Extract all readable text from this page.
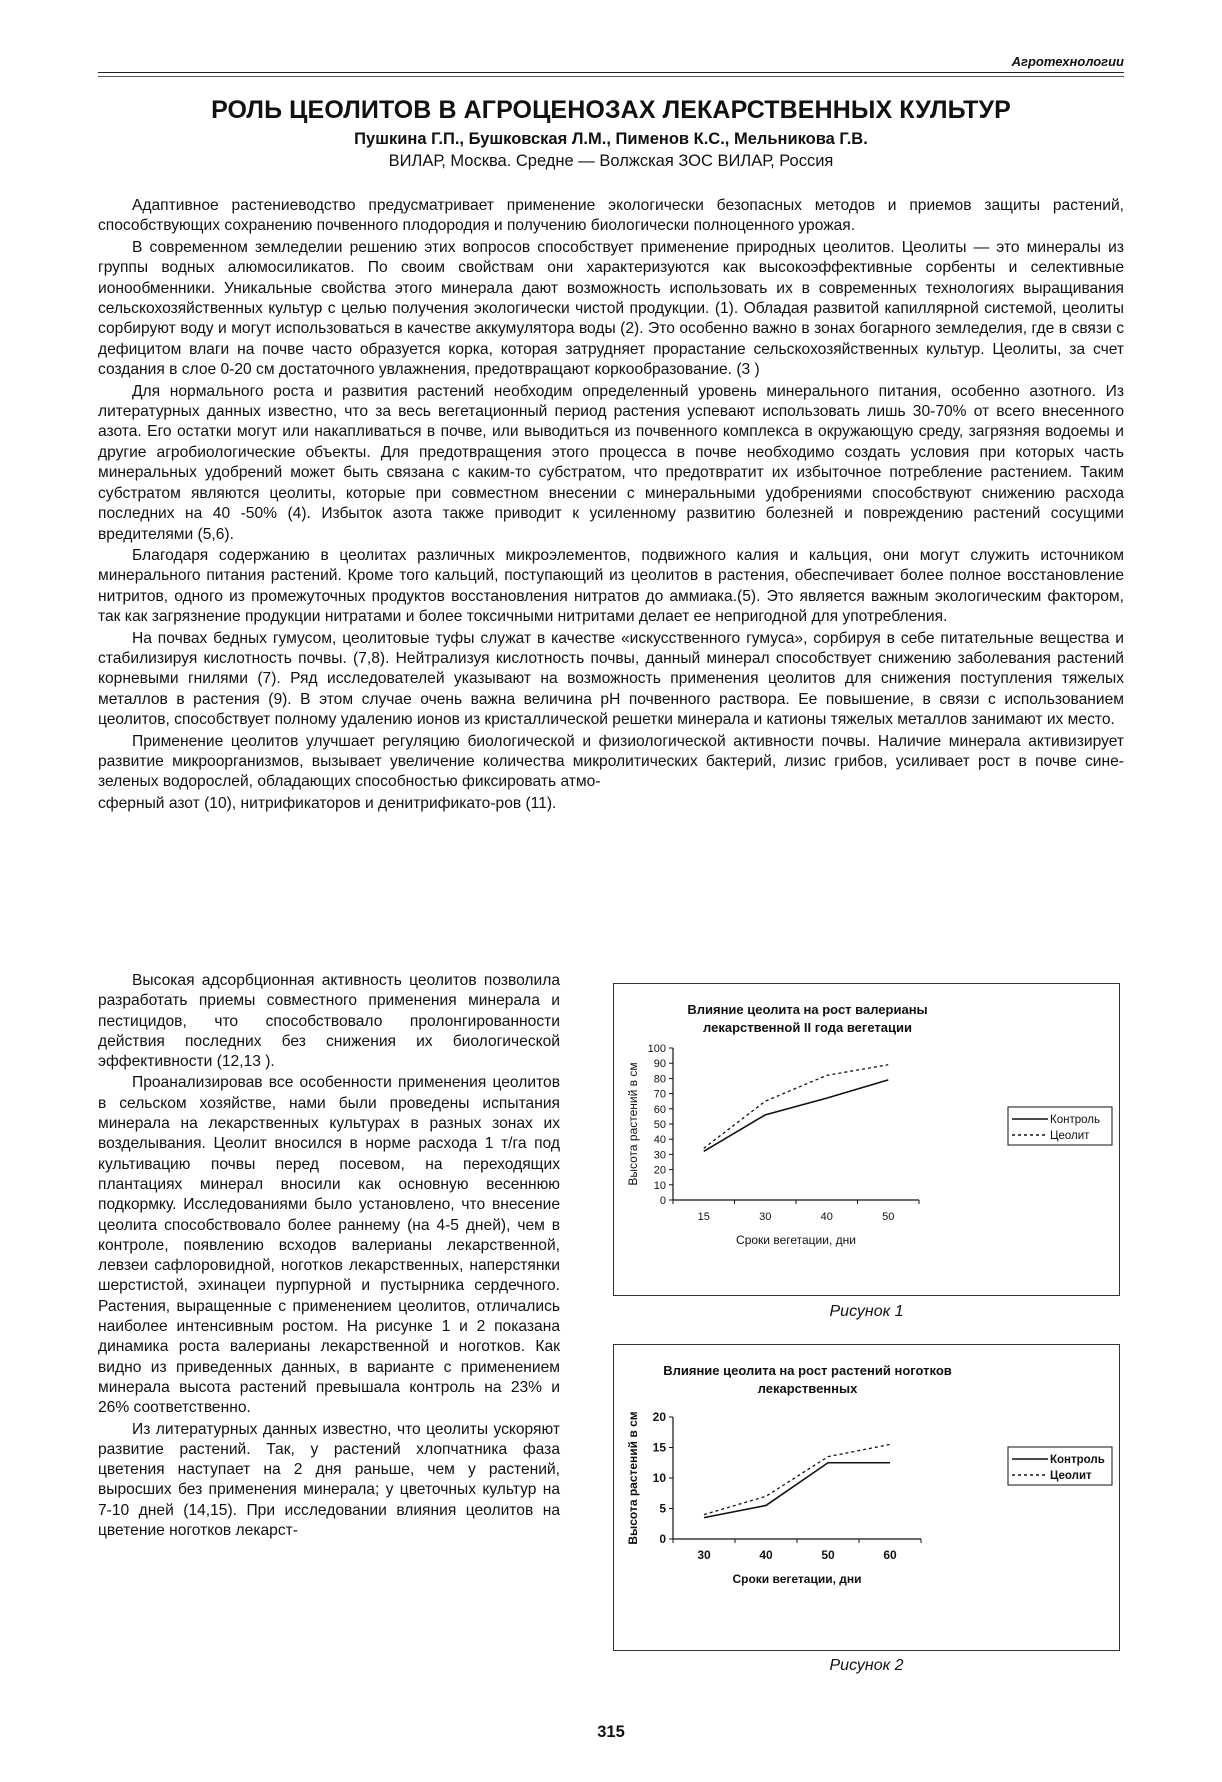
Агротехнологии
РОЛЬ ЦЕОЛИТОВ В АГРОЦЕНОЗАХ ЛЕКАРСТВЕННЫХ КУЛЬТУР
Пушкина Г.П., Бушковская Л.М., Пименов К.С., Мельникова Г.В.
ВИЛАР, Москва. Средне — Волжская ЗОС ВИЛАР, Россия

Адаптивное растениеводство предусматривает применение экологически безопасных методов и приемов защиты растений, способствующих сохранению почвенного плодородия и получению биологически полноценного урожая.

В современном земледелии решению этих вопросов способствует применение природных цеолитов. Цеолиты — это минералы из группы водных алюмосиликатов. По своим свойствам они характеризуются как высокоэффективные сорбенты и селективные ионообменники. Уникальные свойства этого минерала дают возможность использовать их в современных технологиях выращивания сельскохозяйственных культур с целью получения экологически чистой продукции. (1). Обладая развитой капиллярной системой, цеолиты сорбируют воду и могут использоваться в качестве аккумулятора воды (2). Это особенно важно в зонах богарного земледелия, где в связи с дефицитом влаги на почве часто образуется корка, которая затрудняет прорастание сельскохозяйственных культур. Цеолиты, за счет создания в слое 0-20 см достаточного увлажнения, предотвращают коркообразование. (3 )

Для нормального роста и развития растений необходим определенный уровень минерального питания, особенно азотного. Из литературных данных известно, что за весь вегетационный период растения успевают использовать лишь 30-70% от всего внесенного азота. Его остатки могут или накапливаться в почве, или выводиться из почвенного комплекса в окружающую среду, загрязняя водоемы и другие агробиологические объекты. Для предотвращения этого процесса в почве необходимо создать условия при которых часть минеральных удобрений может быть связана с каким-то субстратом, что предотвратит их избыточное потребление растением. Таким субстратом являются цеолиты, которые при совместном внесении с минеральными удобрениями способствуют снижению расхода последних на 40 -50% (4). Избыток азота также приводит к усиленному развитию болезней и повреждению растений сосущими вредителями (5,6).

Благодаря содержанию в цеолитах различных микроэлементов, подвижного калия и кальция, они могут служить источником минерального питания растений. Кроме того кальций, поступающий из цеолитов в растения, обеспечивает более полное восстановление нитритов, одного из промежуточных продуктов восстановления нитратов до аммиака.(5). Это является важным экологическим фактором, так как загрязнение продукции нитратами и более токсичными нитритами делает ее непригодной для употребления.

На почвах бедных гумусом, цеолитовые туфы служат в качестве «искусственного гумуса», сорбируя в себе питательные вещества и стабилизируя кислотность почвы. (7,8). Нейтрализуя кислотность почвы, данный минерал способствует снижению заболевания растений корневыми гнилями (7). Ряд исследователей указывают на возможность применения цеолитов для снижения поступления тяжелых металлов в растения (9). В этом случае очень важна величина рН почвенного раствора. Ее повышение, в связи с использованием цеолитов, способствует полному удалению ионов из кристаллической решетки минерала и катионы тяжелых металлов занимают их место.

Применение цеолитов улучшает регуляцию биологической и физиологической активности почвы. Наличие минерала активизирует развитие микроорганизмов, вызывает увеличение количества микролитических бактерий, лизис грибов, усиливает рост в почве сине-зеленых водорослей, обладающих способностью фиксировать атмо-

сферный азот (10), нитрификаторов и денитрификато-ров (11).

Высокая адсорбционная активность цеолитов позволила разработать приемы совместного применения минерала и пестицидов, что способствовало пролонгированности действия последних без снижения их биологической эффективности (12,13 ).

Проанализировав все особенности применения цеолитов в сельском хозяйстве, нами были проведены испытания минерала на лекарственных культурах в разных зонах их возделывания. Цеолит вносился в норме расхода 1 т/га под культивацию почвы перед посевом, на переходящих плантациях минерал вносили как основную весеннюю подкормку. Исследованиями было установлено, что внесение цеолита способствовало более раннему (на 4-5 дней), чем в контроле, появлению всходов валерианы лекарственной, левзеи сафлоровидной, ноготков лекарственных, наперстянки шерстистой, эхинацеи пурпурной и пустырника сердечного. Растения, выращенные с применением цеолитов, отличались наиболее интенсивным ростом. На рисунке 1 и 2 показана динамика роста валерианы лекарственной и ноготков. Как видно из приведенных данных, в варианте с применением минерала высота растений превышала контроль на 23% и 26% соответственно.

Из литературных данных известно, что цеолиты ускоряют развитие растений. Так, у растений хлопчатника фаза цветения наступает на 2 дня раньше, чем у растений, выросших без применения минерала; у цветочных культур на 7-10 дней (14,15). При исследовании влияния цеолитов на цветение ноготков лекарст-

Влияние цеолита на рост валерианы
лекарственной II года вегетации
0
10
20
30
40
50
60
70
80
90
100
15	30	40	50
Сроки вегетации, дни
Высота растений в см	Контроль
Цеолит
Рисунок 1
Влияние цеолита на рост растений ноготков
лекарственных
0
5
10
15
20
30	40	50	60
Сроки вегетации, дни
Высота растений в см	Контроль
Цеолит
Рисунок 2
315
